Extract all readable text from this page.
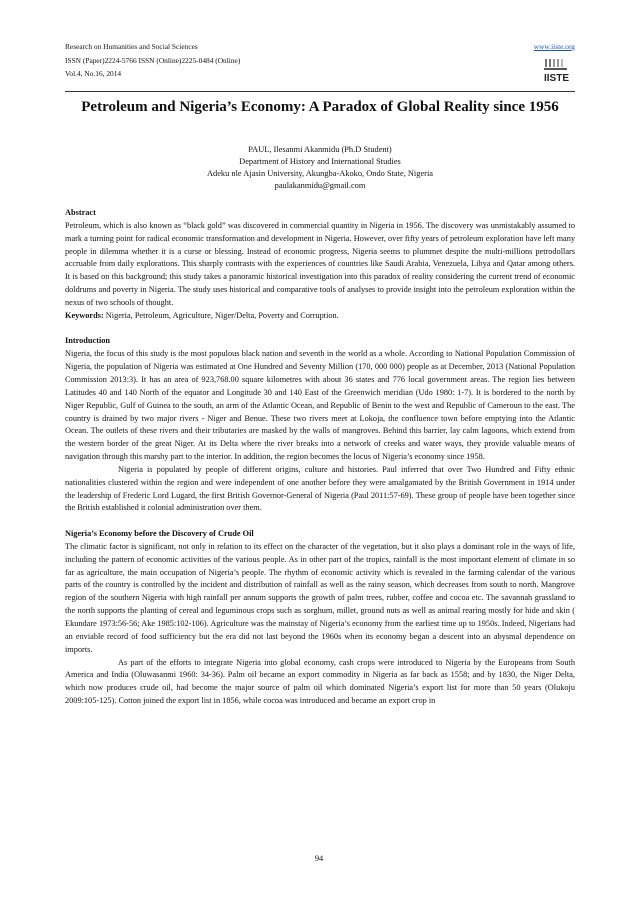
Research on Humanities and Social Sciences
ISSN (Paper)2224-5766 ISSN (Online)2225-0484 (Online)
Vol.4, No.16, 2014
www.iiste.org
IISTE
Petroleum and Nigeria’s Economy: A Paradox of Global Reality since 1956
PAUL, Ilesanmi Akanmidu (Ph.D Student)
Department of History and International Studies
Adeku nle Ajasin University, Akungba-Akoko, Ondo State, Nigeria
paulakanmidu@gmail.com

Abstract

Petroleum, which is also known as “black gold” was discovered in commercial quantity in Nigeria in 1956. The discovery was unmistakably assumed to mark a turning point for radical economic transformation and development in Nigeria. However, over fifty years of petroleum exploration have left many people in dilemma whether it is a curse or blessing. Instead of economic progress, Nigeria seems to plummet despite the multi-millions petrodollars accruable from daily explorations. This sharply contrasts with the experiences of countries like Saudi Arabia, Venezuela, Libya and Qatar among others. It is based on this background; this study takes a panoramic historical investigation into this paradox of reality considering the current trend of economic doldrums and poverty in Nigeria. The study uses historical and comparative tools of analyses to provide insight into the petroleum exploration within the nexus of two schools of thought.

Keywords: Nigeria, Petroleum, Agriculture, Niger/Delta, Poverty and Corruption.

Introduction

Nigeria, the focus of this study is the most populous black nation and seventh in the world as a whole. According to National Population Commission of Nigeria, the population of Nigeria was estimated at One Hundred and Seventy Million (170, 000 000) people as at December, 2013 (National Population Commission 2013:3). It has an area of 923,768.00 square kilometres with about 36 states and 776 local government areas. The region lies between Latitudes 40 and 140 North of the equator and Longitude 30 and 140 East of the Greenwich meridian (Udo 1980: 1-7). It is bordered to the north by Niger Republic, Gulf of Guinea to the south, an arm of the Atlantic Ocean, and Republic of Benin to the west and Republic of Cameroun to the east. The country is drained by two major rivers - Niger and Benue. These two rivers meet at Lokoja, the confluence town before emptying into the Atlantic Ocean. The outlets of these rivers and their tributaries are masked by the walls of mangroves. Behind this barrier, lay calm lagoons, which extend from the western border of the great Niger. At its Delta where the river breaks into a network of creeks and water ways, they provide valuable means of navigation through this marshy part to the interior. In addition, the region becomes the locus of Nigeria’s economy since 1958.

Nigeria is populated by people of different origins, culture and histories. Paul inferred that over Two Hundred and Fifty ethnic nationalities clustered within the region and were independent of one another before they were amalgamated by the British Government in 1914 under the leadership of Frederic Lord Lugard, the first British Governor-General of Nigeria (Paul 2011:57-69). These group of people have been together since the British established it colonial administration over them.

Nigeria’s Economy before the Discovery of Crude Oil

The climatic factor is significant, not only in relation to its effect on the character of the vegetation, but it also plays a dominant role in the ways of life, including the pattern of economic activities of the various people. As in other part of the tropics, rainfall is the most important element of climate in so far as agriculture, the main occupation of Nigeria’s people. The rhythm of economic activity which is revealed in the farming calendar of the various parts of the country is controlled by the incident and distribution of rainfall as well as the rainy season, which decreases from south to north. Mangrove region of the southern Nigeria with high rainfall per annum supports the growth of palm trees, rubber, coffee and cocoa etc. The savannah grassland to the north supports the planting of cereal and leguminous crops such as sorghum, millet, ground nuts as well as animal rearing mostly for hide and skin ( Ekundare 1973:56-56; Ake 1985:102-106). Agriculture was the mainstay of Nigeria’s economy from the earliest time up to 1950s. Indeed, Nigerians had an enviable record of food sufficiency but the era did not last beyond the 1960s when its economy began a descent into an abysmal dependence on imports.

As part of the efforts to integrate Nigeria into global economy, cash crops were introduced to Nigeria by the Europeans from South America and India (Oluwasanmi 1960: 34-36). Palm oil became an export commodity in Nigeria as far back as 1558; and by 1830, the Niger Delta, which now produces crude oil, had become the major source of palm oil which dominated Nigeria’s export list for more than 50 years (Olukoju 2009:105-125). Cotton joined the export list in 1856, while cocoa was introduced and became an export crop in

94
